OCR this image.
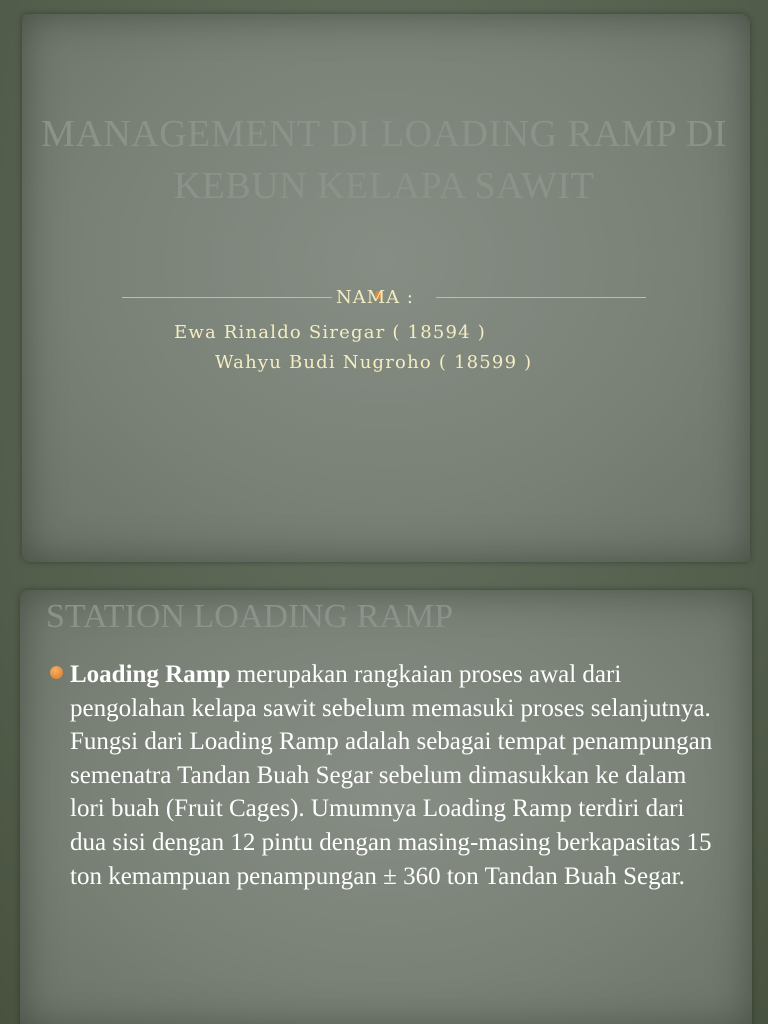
MANAGEMENT DI LOADING RAMP DI KEBUN KELAPA SAWIT
NAMA :
Ewa Rinaldo Siregar ( 18594 )
Wahyu Budi Nugroho ( 18599 )
STATION LOADING RAMP
Loading Ramp merupakan rangkaian proses awal dari pengolahan kelapa sawit sebelum memasuki proses selanjutnya. Fungsi dari Loading Ramp adalah sebagai tempat penampungan semenatra Tandan Buah Segar sebelum dimasukkan ke dalam lori buah (Fruit Cages). Umumnya Loading Ramp terdiri dari dua sisi dengan 12 pintu dengan masing-masing berkapasitas 15 ton kemampuan penampungan ± 360 ton Tandan Buah Segar.
